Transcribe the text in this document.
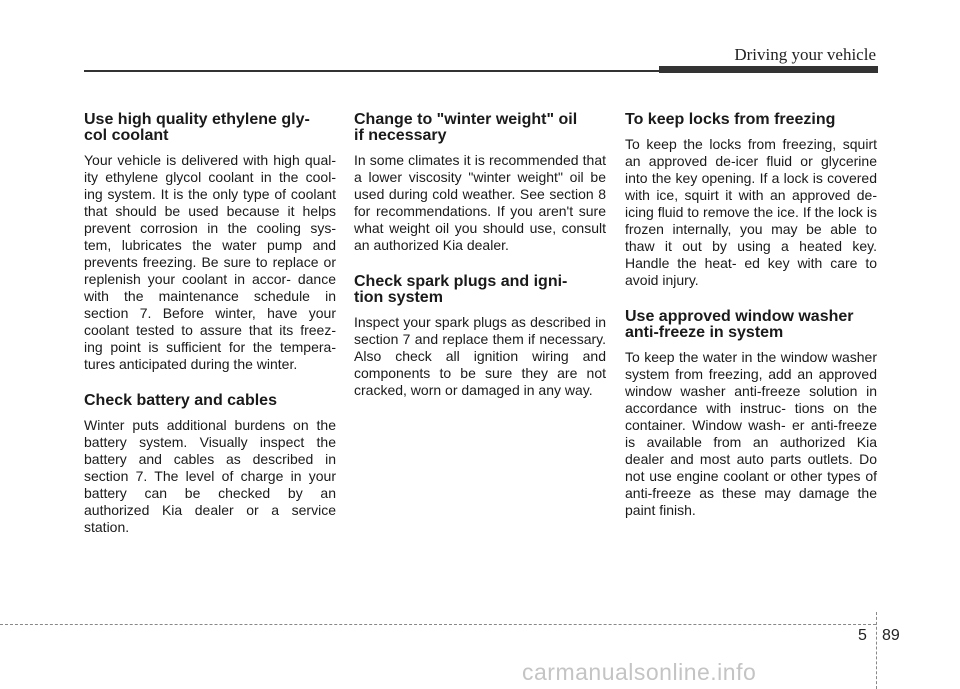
Driving your vehicle
Use high quality ethylene gly-
col coolant

Your vehicle is delivered with high qual- ity ethylene glycol coolant in the cool- ing system. It is the only type of coolant that should be used because it helps prevent corrosion in the cooling sys- tem, lubricates the water pump and prevents freezing. Be sure to replace or replenish your coolant in accor- dance with the maintenance schedule in section 7. Before winter, have your coolant tested to assure that its freez- ing point is sufficient for the tempera- tures anticipated during the winter.

Check battery and cables

Winter puts additional burdens on the battery system. Visually inspect the battery and cables as described in section 7. The level of charge in your battery can be checked by an authorized Kia dealer or a service station.

Change to "winter weight" oil
if necessary

In some climates it is recommended that a lower viscosity "winter weight" oil be used during cold weather. See section 8 for recommendations. If you aren't sure what weight oil you should use, consult an authorized Kia dealer.

Check spark plugs and igni-
tion system

Inspect your spark plugs as described in section 7 and replace them if necessary. Also check all ignition wiring and components to be sure they are not cracked, worn or damaged in any way.

To keep locks from freezing

To keep the locks from freezing, squirt an approved de-icer fluid or glycerine into the key opening. If a lock is covered with ice, squirt it with an approved de-icing fluid to remove the ice. If the lock is frozen internally, you may be able to thaw it out by using a heated key. Handle the heat- ed key with care to avoid injury.

Use approved window washer
anti-freeze in system

To keep the water in the window washer system from freezing, add an approved window washer anti-freeze solution in accordance with instruc- tions on the container. Window wash- er anti-freeze is available from an authorized Kia dealer and most auto parts outlets. Do not use engine coolant or other types of anti-freeze as these may damage the paint finish.

5 89
carmanualsonline.info
